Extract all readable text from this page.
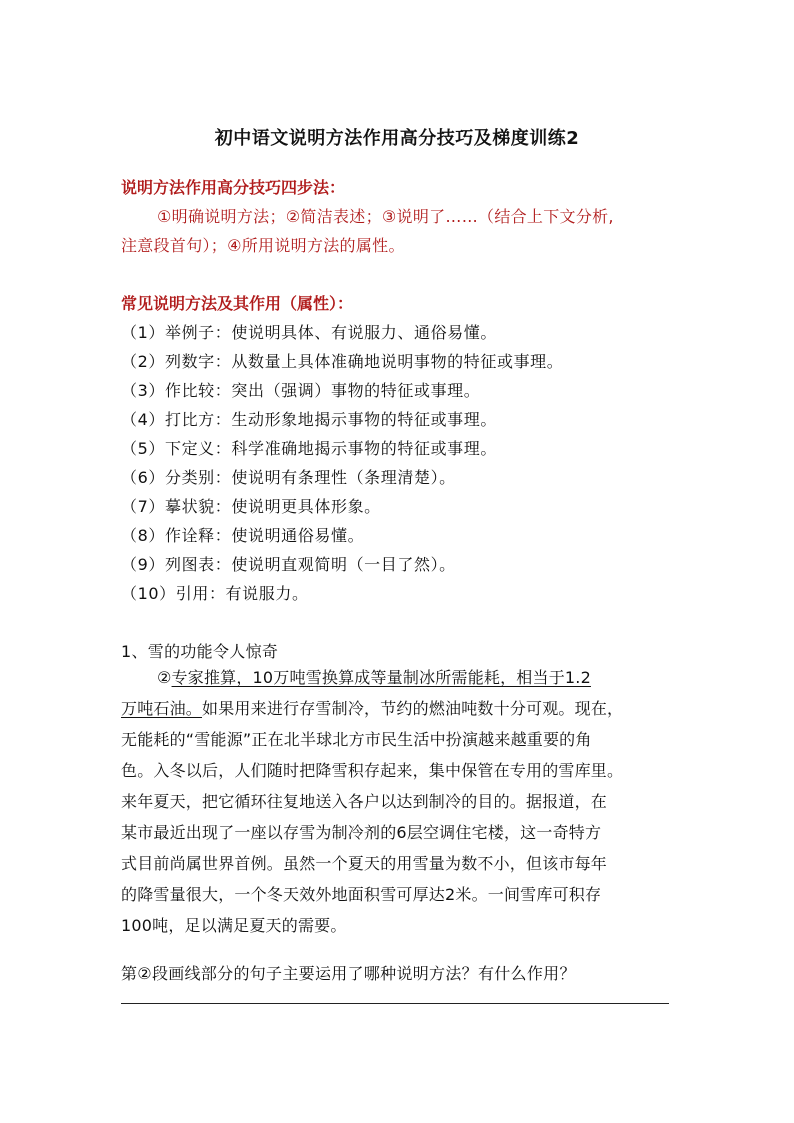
初中语文说明方法作用高分技巧及梯度训练2
说明方法作用高分技巧四步法：
①明确说明方法；②简洁表述；③说明了……（结合上下文分析,
注意段首句）；④所用说明方法的属性。
常见说明方法及其作用（属性）：
（1）举例子：使说明具体、有说服力、通俗易懂。
（2）列数字：从数量上具体准确地说明事物的特征或事理。
（3）作比较：突出（强调）事物的特征或事理。
（4）打比方：生动形象地揭示事物的特征或事理。
（5）下定义：科学准确地揭示事物的特征或事理。
（6）分类别：使说明有条理性（条理清楚）。
（7）摹状貌：使说明更具体形象。
（8）作诠释：使说明通俗易懂。
（9）列图表：使说明直观简明（一目了然）。
（10）引用：有说服力。
1、雪的功能令人惊奇
②专家推算，10万吨雪换算成等量制冰所需能耗，相当于1.2
万吨石油。如果用来进行存雪制冷，节约的燃油吨数十分可观。现在，
无能耗的“雪能源”正在北半球北方市民生活中扮演越来越重要的角
色。入冬以后，人们随时把降雪积存起来，集中保管在专用的雪库里。
来年夏天，把它循环往复地送入各户以达到制冷的目的。据报道，在
某市最近出现了一座以存雪为制冷剂的6层空调住宅楼，这一奇特方
式目前尚属世界首例。虽然一个夏天的用雪量为数不小，但该市每年
的降雪量很大，一个冬天效外地面积雪可厚达2米。一间雪库可积存
100吨，足以满足夏天的需要。
第②段画线部分的句子主要运用了哪种说明方法？有什么作用？
